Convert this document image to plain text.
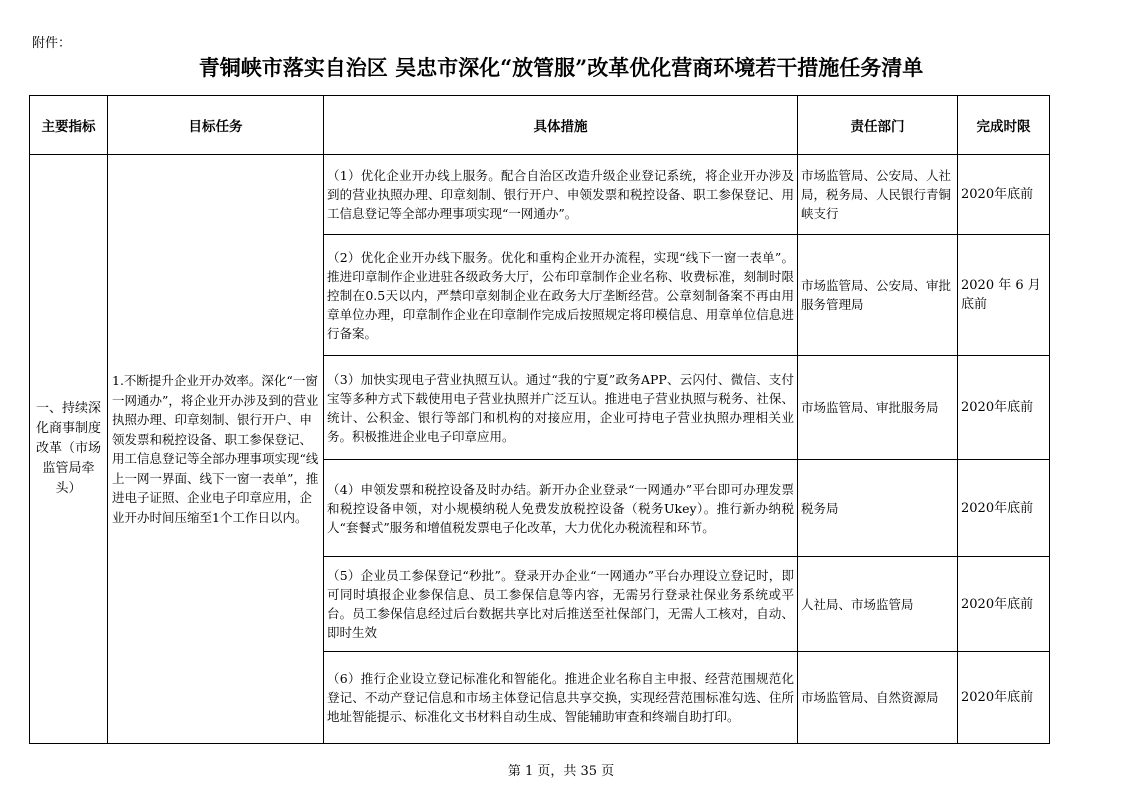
附件：
青铜峡市落实自治区 吴忠市深化“放管服”改革优化营商环境若干措施任务清单
主要指标	目标任务	具体措施	责任部门	完成时限
一、持续深化商事制度改革（市场监管局牵头）	1.不断提升企业开办效率。深化“一窗一网通办”，将企业开办涉及到的营业执照办理、印章刻制、银行开户、申领发票和税控设备、职工参保登记、用工信息登记等全部办理事项实现“线上一网一界面、线下一窗一表单”，推进电子证照、企业电子印章应用，企业开办时间压缩至1个工作日以内。	（1）优化企业开办线上服务。配合自治区改造升级企业登记系统，将企业开办涉及到的营业执照办理、印章刻制、银行开户、申领发票和税控设备、职工参保登记、用工信息登记等全部办理事项实现“一网通办”。	市场监管局、公安局、人社局，税务局、人民银行青铜峡支行	2020年底前
		（2）优化企业开办线下服务。优化和重构企业开办流程，实现“线下一窗一表单”。推进印章制作企业进驻各级政务大厅，公布印章制作企业名称、收费标准，刻制时限控制在0.5天以内，严禁印章刻制企业在政务大厅垄断经营。公章刻制备案不再由用章单位办理，印章制作企业在印章制作完成后按照规定将印模信息、用章单位信息进行备案。	市场监管局、公安局、审批服务管理局	2020 年 6 月底前
		（3）加快实现电子营业执照互认。通过“我的宁夏”政务APP、云闪付、微信、支付宝等多种方式下载使用电子营业执照并广泛互认。推进电子营业执照与税务、社保、统计、公积金、银行等部门和机构的对接应用，企业可持电子营业执照办理相关业务。积极推进企业电子印章应用。	市场监管局、审批服务局	2020年底前
		（4）申领发票和税控设备及时办结。新开办企业登录“一网通办”平台即可办理发票和税控设备申领，对小规模纳税人免费发放税控设备（税务Ukey）。推行新办纳税人“套餐式”服务和增值税发票电子化改革，大力优化办税流程和环节。	税务局	2020年底前
		（5）企业员工参保登记“秒批”。登录开办企业“一网通办”平台办理设立登记时，即可同时填报企业参保信息、员工参保信息等内容，无需另行登录社保业务系统或平台。员工参保信息经过后台数据共享比对后推送至社保部门，无需人工核对，自动、即时生效	人社局、市场监管局	2020年底前
		（6）推行企业设立登记标准化和智能化。推进企业名称自主申报、经营范围规范化登记、不动产登记信息和市场主体登记信息共享交换，实现经营范围标准勾选、住所地址智能提示、标准化文书材料自动生成、智能辅助审查和终端自助打印。	市场监管局、自然资源局	2020年底前
第 1 页，共 35 页
